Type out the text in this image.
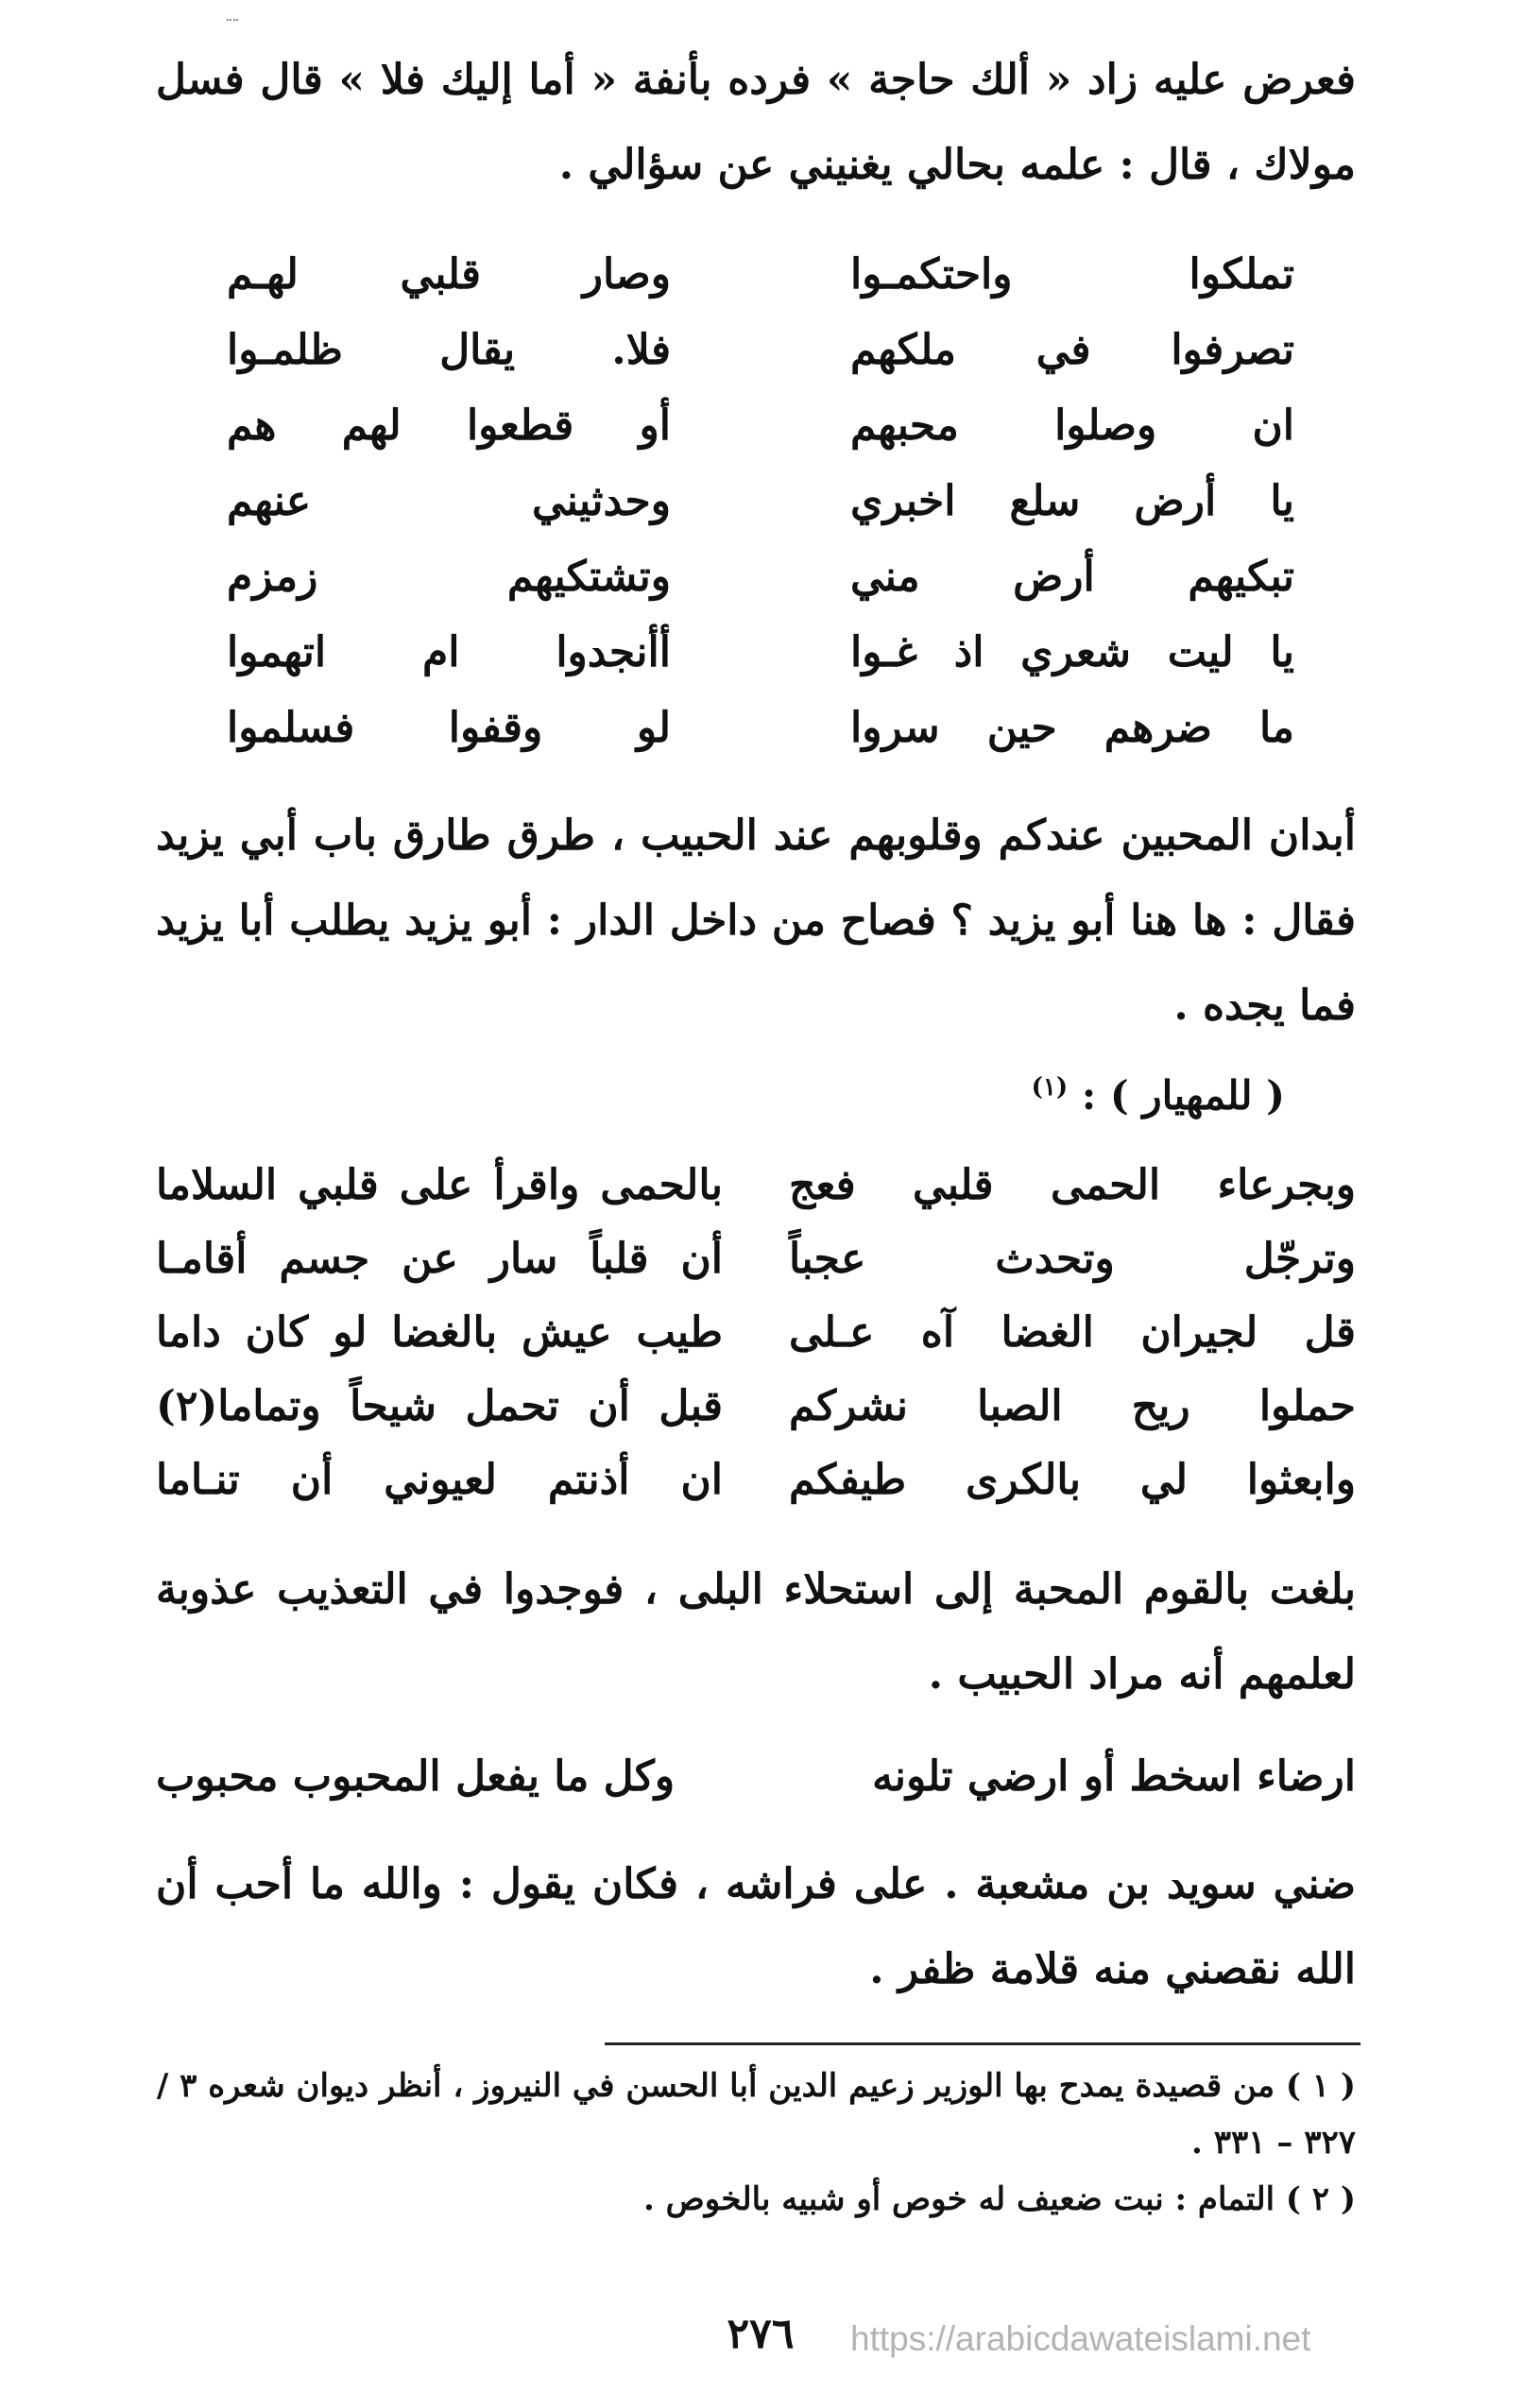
فعرض عليه زاد « ألك حاجة » فرده بأنفة « أما إليك فلا » قال فسل مولاك ، قال : علمه بحالي يغنيني عن سؤالي .
تملكوا واحتكمـوا
وصار قلبي لهـم
تصرفوا في ملكهم
فلا. يقال ظلمـوا
ان وصلوا محبهم
أو قطعوا لهم هم
يا أرض سلع اخبري
وحدثيني عنهم
تبكيهم أرض مني
وتشتكيهم زمزم
يا ليت شعري اذ غـوا
أأنجدوا ام اتهموا
ما ضرهم حين سروا
لو وقفوا فسلموا
أبدان المحبين عندكم وقلوبهم عند الحبيب ، طرق طارق باب أبي يزيد فقال : ها هنا أبو يزيد ؟ فصاح من داخل الدار : أبو يزيد يطلب أبا يزيد فما يجده .
( للمهيار ) : $^{(١)}$
وبجرعاء الحمى قلبي فعج
بالحمى واقرأ على قلبي السلاما
وترجّل وتحدث عجباً
أن قلباً سار عن جسم أقامـا
قل لجيران الغضا آه عـلى
طيب عيش بالغضا لو كان داما
حملوا ريح الصبا نشركم
قبل أن تحمل شيحاً وتماما(٢)
وابعثوا لي بالكرى طيفكم
ان أذنتم لعيوني أن تنـاما
بلغت بالقوم المحبة إلى استحلاء البلى ، فوجدوا في التعذيب عذوبة لعلمهم أنه مراد الحبيب .
ارضاء اسخط أو ارضي تلونه
وكل ما يفعل المحبوب محبوب
ضني سويد بن مشعبة . على فراشه ، فكان يقول : والله ما أحب أن الله نقصني منه قلامة ظفر .
( ١ ) من قصيدة يمدح بها الوزير زعيم الدين أبا الحسن في النيروز ، أنظر ديوان شعره ٣ / ٣٢٧ – ٣٣١ .
( ٢ ) التمام : نبت ضعيف له خوص أو شبيه بالخوص .
٢٧٦	https://arabicdawateislami.net
